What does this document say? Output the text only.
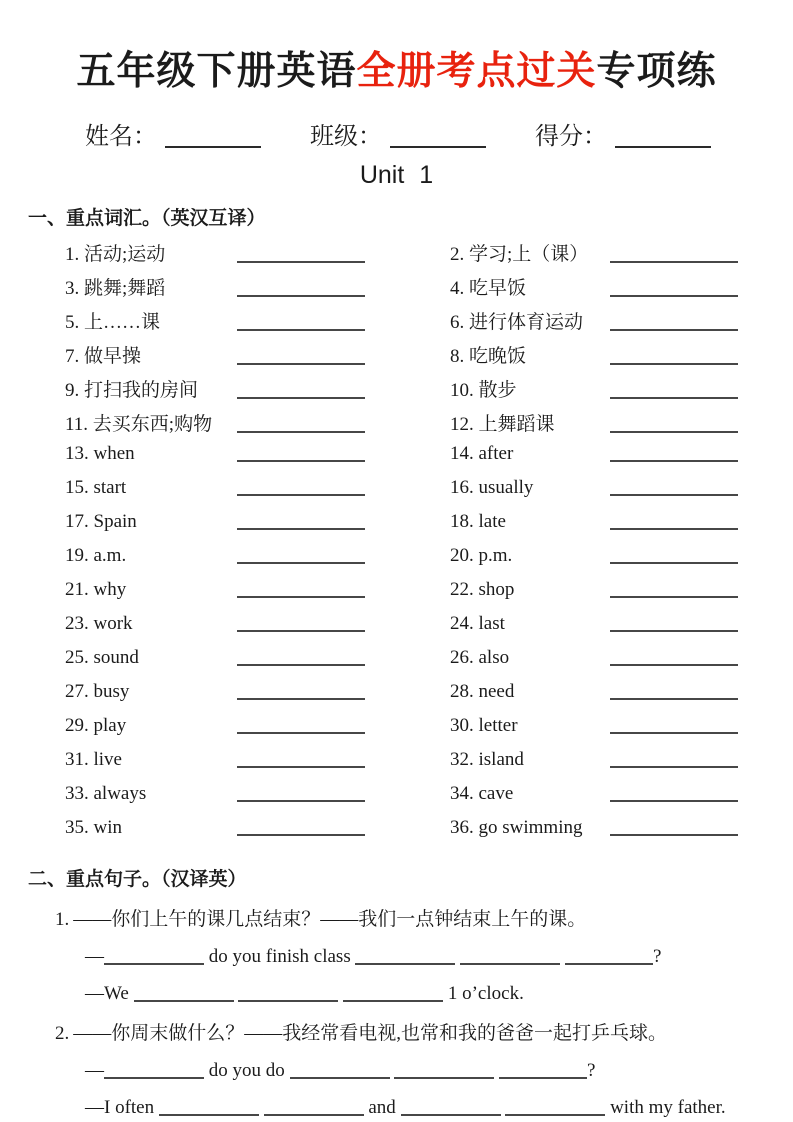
五年级下册英语全册考点过关专项练
姓名：	班级：	得分：
Unit 1
一、重点词汇。（英汉互译）
1. 活动;运动	2. 学习;上（课）
3. 跳舞;舞蹈	4. 吃早饭
5. 上……课	6. 进行体育运动
7. 做早操	8. 吃晚饭
9. 打扫我的房间	10. 散步
11. 去买东西;购物	12. 上舞蹈课
13. when	14. after
15. start	16. usually
17. Spain	18. late
19. a.m.	20. p.m.
21. why	22. shop
23. work	24. last
25. sound	26. also
27. busy	28. need
29. play	30. letter
31. live	32. island
33. always	34. cave
35. win	36. go swimming
二、重点句子。（汉译英）
1. ——你们上午的课几点结束？——我们一点钟结束上午的课。
—	do you finish class	?
—We	1 o’clock.
2. ——你周末做什么？——我经常看电视,也常和我的爸爸一起打乒乓球。
—	do you do	?
—I often	and	with my father.
